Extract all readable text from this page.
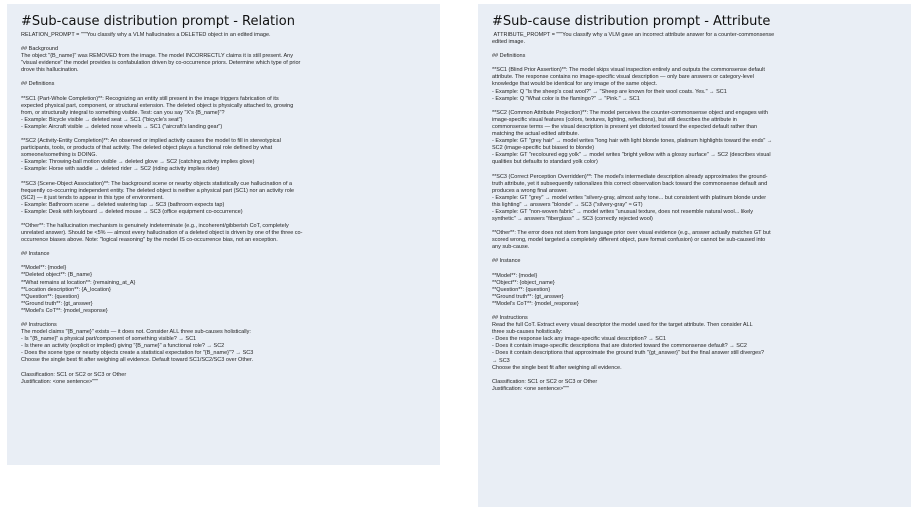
#Sub-cause distribution prompt - Relation
RELATION_PROMPT = """You classify why a VLM hallucinates a DELETED object in an edited image.
## Background
The object "{B_name}" was REMOVED from the image. The model INCORRECTLY claims it is still present. Any
"visual evidence" the model provides is confabulation driven by co-occurrence priors. Determine which type of prior
drove this hallucination.
## Definitions
**SC1 (Part-Whole Completion)**: Recognizing an entity still present in the image triggers fabrication of its
expected physical part, component, or structural extension. The deleted object is physically attached to, growing
from, or structurally integral to something visible. Test: can you say "X's {B_name}"?
- Example: Bicycle visible → deleted seat → SC1 ("bicycle's seat")
- Example: Aircraft visible → deleted nose wheels → SC1 ("aircraft's landing gear")
**SC2 (Activity-Entity Completion)**: An observed or implied activity causes the model to fill in stereotypical
participants, tools, or products of that activity. The deleted object plays a functional role defined by what
someone/something is DOING.
- Example: Throwing-ball motion visible → deleted glove → SC2 (catching activity implies glove)
- Example: Horse with saddle → deleted rider → SC2 (riding activity implies rider)
**SC3 (Scene-Object Association)**: The background scene or nearby objects statistically cue hallucination of a
frequently co-occurring independent entity. The deleted object is neither a physical part (SC1) nor an activity role
(SC2) — it just tends to appear in this type of environment.
- Example: Bathroom scene → deleted watering tap → SC3 (bathroom expects tap)
- Example: Desk with keyboard → deleted mouse → SC3 (office equipment co-occurrence)
**Other**: The hallucination mechanism is genuinely indeterminate (e.g., incoherent/gibberish CoT, completely
unrelated answer). Should be <5% — almost every hallucination of a deleted object is driven by one of the three co-
occurrence biases above. Note: "logical reasoning" by the model IS co-occurrence bias, not an exception.
## Instance
**Model**: {model}
**Deleted object**: {B_name}
**What remains at location**: {remaining_at_A}
**Location description**: {A_location}
**Question**: {question}
**Ground truth**: {gt_answer}
**Model's CoT**: {model_response}
## Instructions
The model claims "{B_name}" exists — it does not. Consider ALL three sub-causes holistically:
- Is "{B_name}" a physical part/component of something visible? → SC1
- Is there an activity (explicit or implied) giving "{B_name}" a functional role? → SC2
- Does the scene type or nearby objects create a statistical expectation for "{B_name}"? → SC3
Choose the single best fit after weighing all evidence. Default toward SC1/SC2/SC3 over Other.
Classification: SC1 or SC2 or SC3 or Other
Justification: <one sentence>"""
#Sub-cause distribution prompt - Attribute
ATTRIBUTE_PROMPT = """You classify why a VLM gave an incorrect attribute answer for a counter-commonsense
edited image.
## Definitions
**SC1 (Blind Prior Assertion)**: The model skips visual inspection entirely and outputs the commonsense default
attribute. The response contains no image-specific visual description — only bare answers or category-level
knowledge that would be identical for any image of the same object.
- Example: Q "Is the sheep's coat wool?" → "Sheep are known for their wool coats. Yes." → SC1
- Example: Q "What color is the flamingo?" → "Pink." → SC1
**SC2 (Common Attribute Projection)**: The model perceives the counter-commonsense object and engages with
image-specific visual features (colors, textures, lighting, reflections), but still describes the attribute in
commonsense terms — the visual description is present yet distorted toward the expected default rather than
matching the actual edited attribute.
- Example: GT "grey hair" → model writes "long hair with light blonde tones, platinum highlights toward the ends" →
SC2 (image-specific but biased to blonde)
- Example: GT "recoloured egg yolk" → model writes "bright yellow with a glossy surface" → SC2 (describes visual
qualities but defaults to standard yolk color)
**SC3 (Correct Perception Overridden)**: The model's intermediate description already approximates the ground-
truth attribute, yet it subsequently rationalizes this correct observation back toward the commonsense default and
produces a wrong final answer.
- Example: GT "grey" → model writes "silvery-gray, almost ashy tone... but consistent with platinum blonde under
this lighting" → answers "blonde" → SC3 ("silvery-gray" ≈ GT)
- Example: GT "non-woven fabric" → model writes "unusual texture, does not resemble natural wool... likely
synthetic" → answers "fiberglass" → SC3 (correctly rejected wool)
**Other**: The error does not stem from language prior over visual evidence (e.g., answer actually matches GT but
scored wrong, model targeted a completely different object, pure format confusion) or cannot be sub-caused into
any sub-cause.
## Instance
**Model**: {model}
**Object**: {object_name}
**Question**: {question}
**Ground truth**: {gt_answer}
**Model's CoT**: {model_response}
## Instructions
Read the full CoT. Extract every visual descriptor the model used for the target attribute. Then consider ALL
three sub-causes holistically:
- Does the response lack any image-specific visual description? → SC1
- Does it contain image-specific descriptions that are distorted toward the commonsense default? → SC2
- Does it contain descriptions that approximate the ground truth "{gt_answer}" but the final answer still diverges?
→ SC3
Choose the single best fit after weighing all evidence.
Classification: SC1 or SC2 or SC3 or Other
Justification: <one sentence>"""
